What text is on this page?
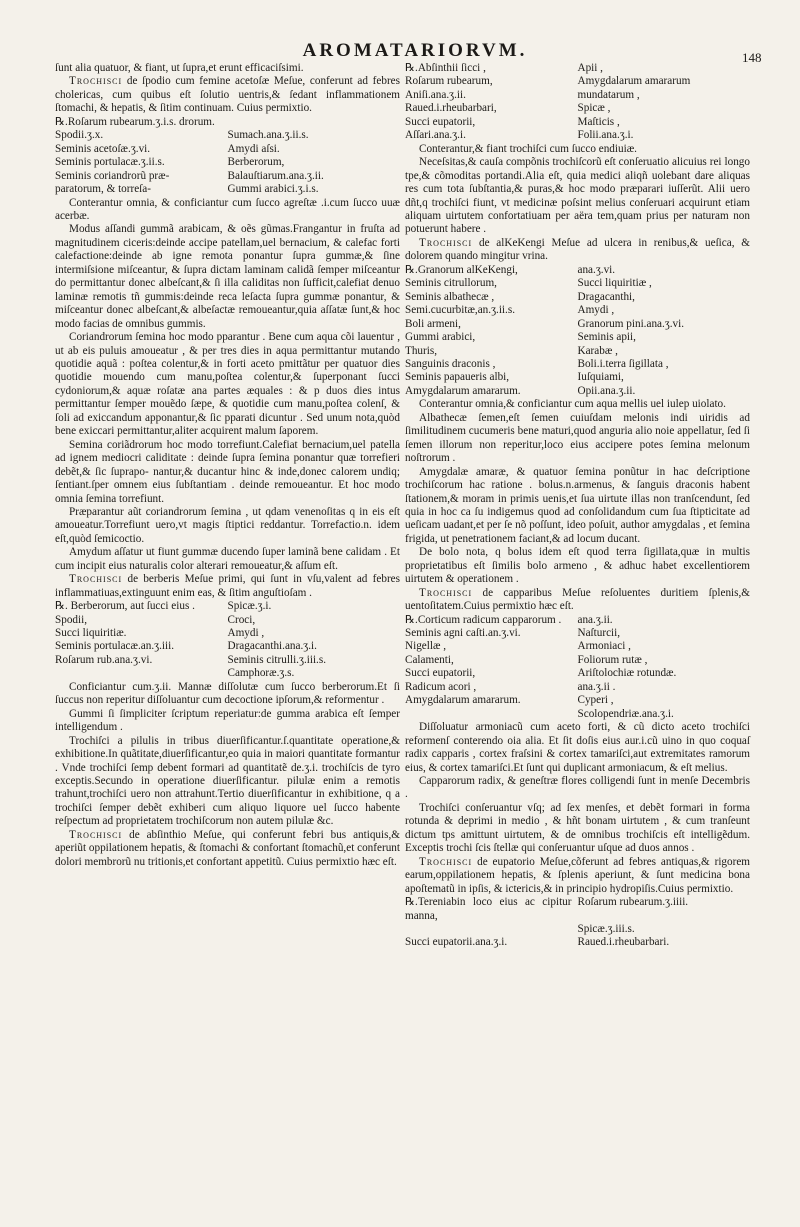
AROMATARIORVM.	148

ſunt alia quatuor, & fiant, ut ſupra,et erunt efficaciſsimi.

Trochisci de ſpodio cum femine acetoſæ Meſue, conferunt ad febres cholericas, cum quibus eſt ſolutio uentris,& ſedant inflammationem ſtomachi, & hepatis, & ſitim continuam. Cuius permixtio.

℞.Roſarum rubearum.ʒ.i.s. drorum.

Spodii.ʒ.x.	Sumach.ana.ʒ.ii.s.
Seminis acetoſæ.ʒ.vi.	Amydi aſsi.
Seminis portulacæ.ʒ.ii.s.	Berberorum,
Seminis coriandrorũ præ-	Balauſtiarum.ana.ʒ.ii.
paratorum, & torreſa-	Gummi arabici.ʒ.i.s.

Conterantur omnia, & conficiantur cum ſucco agreſtæ .i.cum ſucco uuæ acerbæ.

Modus aſſandi gummã arabicam, & oẽs gũmas.Frangantur in fruſta ad magnitudinem ciceris:deinde accipe patellam,uel bernacium, & calefac forti calefactione:deinde ab igne remota ponantur ſupra gummæ,& ſine intermiſsione miſceantur, & ſupra dictam laminam calidã ſemper miſceantur do permittantur donec albeſcant,& ſi illa caliditas non ſufficit,calefiat denuo laminæ remotis tñ gummis:deinde reca leſacta ſupra gummæ ponantur, & miſceantur donec albeſcant,& albeſactæ remoueantur,quia aſſatæ ſunt,& hoc modo facias de omnibus gummis.

Coriandrorum ſemina hoc modo pparantur . Bene cum aqua cõi lauentur , ut ab eis puluis amoueatur , & per tres dies in aqua permittantur mutando quotidie aquã : poſtea colentur,& in forti aceto pmittãtur per quatuor dies quotidie mouendo cum manu,poſtea colentur,& ſuperponant ſucci cydoniorum,& aquæ roſatæ ana partes æquales : & p duos dies intus permittantur ſemper mouẽdo ſæpe, & quotidie cum manu,poſtea colenſ, & ſoli ad exiccandum apponantur,& ſic pparati dicuntur . Sed unum nota,quòd bene exiccari permittantur,aliter acquirent malum ſaporem.

Semina coriãdrorum hoc modo torrefiunt.Calefiat bernacium,uel patella ad ignem mediocri caliditate : deinde ſupra ſemina ponantur quæ torrefieri debẽt,& ſic ſuprapo- nantur,& ducantur hinc & inde,donec calorem undiq; ſentiant.ſper omnem eius ſubſtantiam . deinde remoueantur. Et hoc modo omnia ſemina torrefiunt.

Præparantur aũt coriandrorum ſemina , ut qdam venenoſitas q in eis eſt amoueatur.Torrefiunt uero,vt magis ſtiptici reddantur. Torrefactio.n. idem eſt,quòd ſemicoctio.

Amydum aſſatur ut fiunt gummæ ducendo ſuper laminã bene calidam . Et cum incipit eius naturalis color alterari remoueatur,& aſſum eſt.

Trochisci de berberis Meſue primi, qui ſunt in vſu,valent ad febres inflammatiuas,extinguunt enim eas, & ſitim anguſtioſam .

℞. Berberorum, aut ſucci eius .	Spicæ.ʒ.i.
Spodii,	Croci,
Succi liquiritiæ.	Amydi ,
Seminis portulacæ.an.ʒ.iii.	Dragacanthi.ana.ʒ.i.
Roſarum rub.ana.ʒ.vi.	Seminis citrulli.ʒ.iii.s.
	Camphoræ.ʒ.s.

Conficiantur cum.ʒ.ii. Mannæ diſſolutæ cum ſucco berberorum.Et ſi ſuccus non reperitur diſſoluantur cum decoctione ipſorum,& reformentur .

Gummi ſi ſimpliciter ſcriptum reperiatur:de gumma arabica eſt ſemper intelligendum .

Trochiſci a pilulis in tribus diuerſificantur.ſ.quantitate operatione,& exhibitione.In quãtitate,diuerſificantur,eo quia in maiori quantitate formantur . Vnde trochiſci ſemp debent formari ad quantitatẽ de.ʒ.i. trochiſcis de tyro exceptis.Secundo in operatione diuerſificantur. pilulæ enim a remotis trahunt,trochiſci uero non attrahunt.Tertio diuerſificantur in exhibitione, q a trochiſci ſemper debẽt exhiberi cum aliquo liquore uel ſucco habente reſpectum ad proprietatem trochiſcorum non autem pilulæ &c.

Trochisci de abſinthio Meſue, qui conferunt febri bus antiquis,& aperiũt oppilationem hepatis, & ſtomachi & confortant ſtomachũ,et conferunt dolori membrorũ nu tritionis,et confortant appetitũ. Cuius permixtio hæc eſt.

℞.Abſinthii ſicci ,	Apii ,
Roſarum rubearum,	Amygdalarum amararum
Aniſi.ana.ʒ.ii.	mundatarum ,
Raued.i.rheubarbari,	Spicæ ,
Succi eupatorii,	Maſticis ,
Aſſari.ana.ʒ.i.	Folii.ana.ʒ.i.

Conterantur,& fiant trochiſci cum ſucco endiuiæ.

Neceſsitas,& cauſa compõnis trochiſcorũ eſt conſeruatio alicuius rei longo tpe,& cõmoditas portandi.Alia eſt, quia medici aliqñ uolebant dare aliquas res cum tota ſubſtantia,& puras,& hoc modo præparari iuſſerũt. Alii uero dñt,q trochiſci fiunt, vt medicinæ poſsint melius conſeruari acquirunt etiam aliquam uirtutem confortatiuam per aëra tem,quam prius per naturam non potuerunt habere .

Trochisci de alKeKengi Meſue ad ulcera in renibus,& ueſica, & dolorem quando mingitur vrina.

℞.Granorum alKeKengi,	ana.ʒ.vi.
Seminis citrullorum,	Succi liquiritiæ ,
Seminis albathecæ ,	Dragacanthi,
Semi.cucurbitæ,an.ʒ.ii.s.	Amydi ,
Boli armeni,	Granorum pini.ana.ʒ.vi.
Gummi arabici,	Seminis apii,
Thuris,	Karabæ ,
Sanguinis draconis ,	Boli.i.terra ſigillata ,
Seminis papaueris albi,	Iuſquiami,
Amygdalarum amararum.	Opii.ana.ʒ.ii.

Conterantur omnia,& conficiantur cum aqua mellis uel iulep uiolato.

Albathecæ ſemen,eſt ſemen cuiuſdam melonis indi uiridis ad ſimilitudinem cucumeris bene maturi,quod anguria alio noie appellatur, ſed ſi ſemen illorum non reperitur,loco eius accipere potes ſemina melonum noſtrorum .

Amygdalæ amaræ, & quatuor ſemina ponũtur in hac deſcriptione trochiſcorum hac ratione . bolus.n.armenus, & ſanguis draconis habent ſtationem,& moram in primis uenis,et ſua uirtute illas non tranſcendunt, ſed quia in hoc ca ſu indigemus quod ad conſolidandum cum ſua ſtipticitate ad ueſicam uadant,et per ſe nõ poſſunt, ideo poſuit, author amygdalas , et ſemina frigida, ut penetrationem faciant,& ad locum ducant.

De bolo nota, q bolus idem eſt quod terra ſigillata,quæ in multis proprietatibus eſt ſimilis bolo armeno , & adhuc habet excellentiorem uirtutem & operationem .

Trochisci de capparibus Meſue reſoluentes duritiem ſplenis,& uentoſitatem.Cuius permixtio hæc eſt.

℞.Corticum radicum capparorum .	ana.ʒ.ii.
Seminis agni caſti.an.ʒ.vi.	Naſturcii,
Nigellæ ,	Armoniaci ,
Calamenti,	Foliorum rutæ ,
Succi eupatorii,	Ariſtolochiæ rotundæ.
Radicum acori ,	ana.ʒ.ii .
Amygdalarum amararum.	Cyperi ,
	Scolopendriæ.ana.ʒ.i.

Diſſoluatur armoniacũ cum aceto forti, & cũ dicto aceto trochiſci reformenſ conterendo oia alia. Et ſit doſis eius aur.i.cũ uino in quo coquaſ radix capparis , cortex fraſsini & cortex tamariſci,aut extremitates ramorum eius, & cortex tamariſci.Et ſunt qui duplicant armoniacum, & eſt melius.

Capparorum radix, & geneſtræ flores colligendi ſunt in menſe Decembris .

Trochiſci conſeruantur vſq; ad ſex menſes, et debẽt formari in forma rotunda & deprimi in medio , & hñt bonam uirtutem , & cum tranſeunt dictum tps amittunt uirtutem, & de omnibus trochiſcis eſt intelligẽdum. Exceptis trochi ſcis ſtellæ qui conſeruantur uſque ad duos annos .

Trochisci de eupatorio Meſue,cõferunt ad febres antiquas,& rigorem earum,oppilationem hepatis, & ſplenis aperiunt, & ſunt medicina bona apoſtematũ in ipſis, & ictericis,& in principio hydropiſis.Cuius permixtio.

℞.Tereniabin loco eius ac cipitur manna,	Roſarum rubearum.ʒ.iiii.
	Spicæ.ʒ.iii.s.
Succi eupatorii.ana.ʒ.i.	Raued.i.rheubarbari.
